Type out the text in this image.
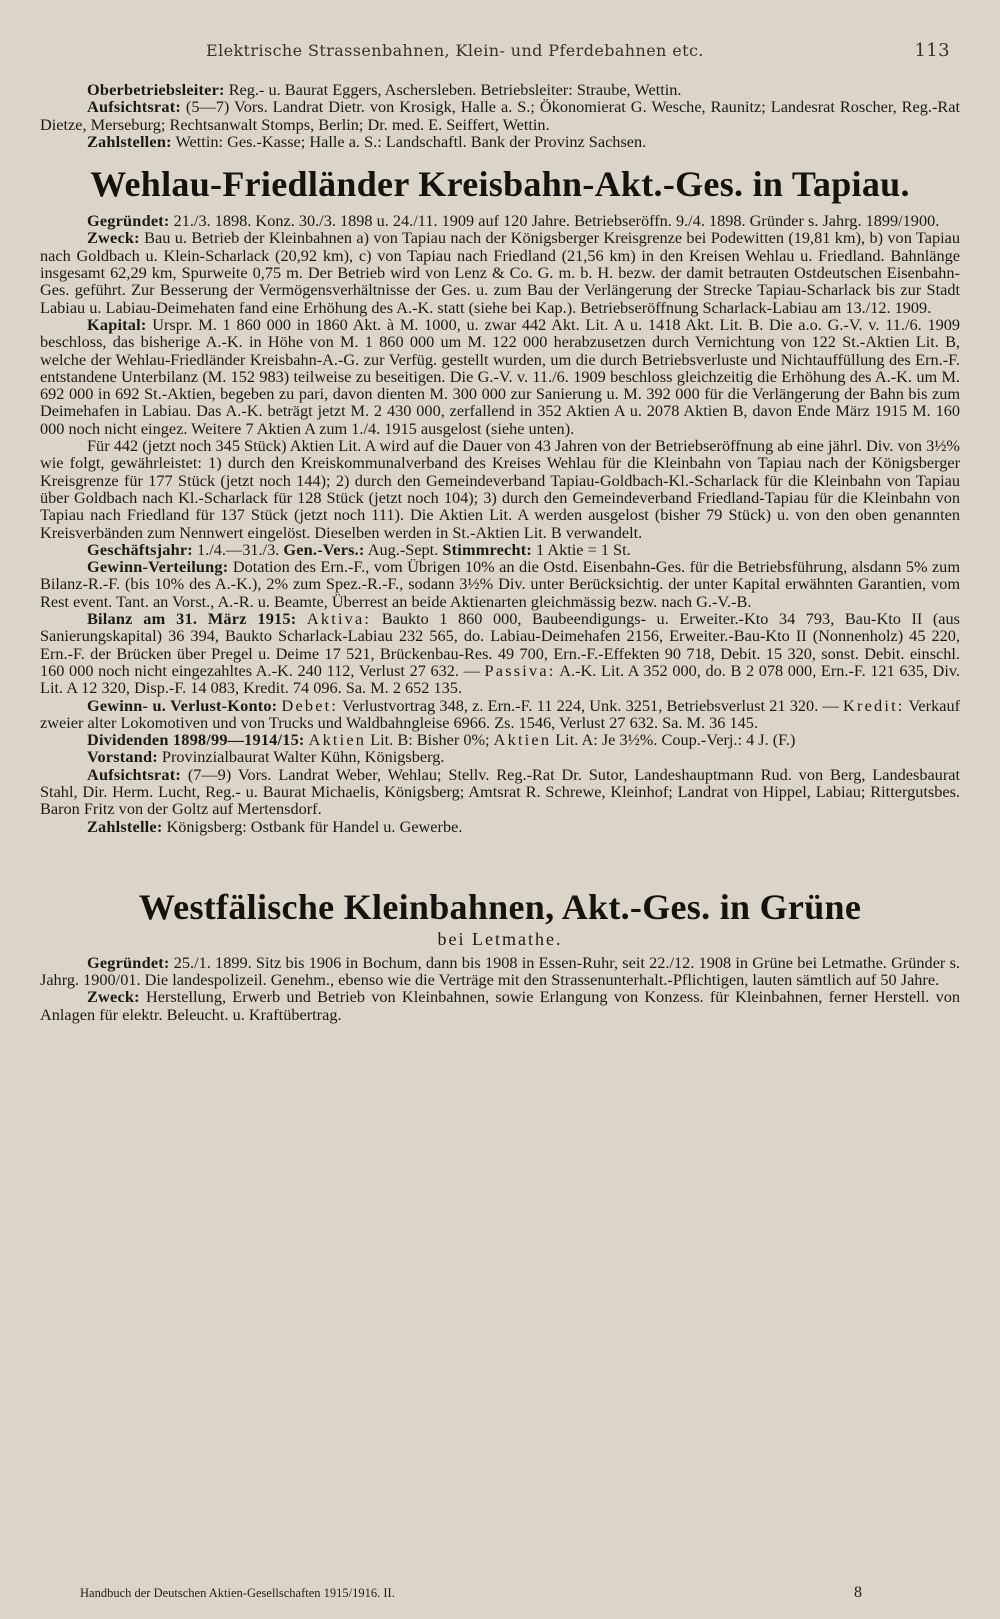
Elektrische Strassenbahnen, Klein- und Pferdebahnen etc.	113

Oberbetriebsleiter: Reg.- u. Baurat Eggers, Aschersleben. Betriebsleiter: Straube, Wettin.

Aufsichtsrat: (5—7) Vors. Landrat Dietr. von Krosigk, Halle a. S.; Ökonomierat G. Wesche, Raunitz; Landesrat Roscher, Reg.-Rat Dietze, Merseburg; Rechtsanwalt Stomps, Berlin; Dr. med. E. Seiffert, Wettin.

Zahlstellen: Wettin: Ges.-Kasse; Halle a. S.: Landschaftl. Bank der Provinz Sachsen.

Wehlau-Friedländer Kreisbahn-Akt.-Ges. in Tapiau.

Gegründet: 21./3. 1898. Konz. 30./3. 1898 u. 24./11. 1909 auf 120 Jahre. Betriebseröffn. 9./4. 1898. Gründer s. Jahrg. 1899/1900.

Zweck: Bau u. Betrieb der Kleinbahnen a) von Tapiau nach der Königsberger Kreisgrenze bei Podewitten (19,81 km), b) von Tapiau nach Goldbach u. Klein-Scharlack (20,92 km), c) von Tapiau nach Friedland (21,56 km) in den Kreisen Wehlau u. Friedland. Bahnlänge insgesamt 62,29 km, Spurweite 0,75 m. Der Betrieb wird von Lenz & Co. G. m. b. H. bezw. der damit betrauten Ostdeutschen Eisenbahn-Ges. geführt. Zur Besserung der Vermögensverhältnisse der Ges. u. zum Bau der Verlängerung der Strecke Tapiau-Scharlack bis zur Stadt Labiau u. Labiau-Deimehaten fand eine Erhöhung des A.-K. statt (siehe bei Kap.). Betriebseröffnung Scharlack-Labiau am 13./12. 1909.

Kapital: Urspr. M. 1 860 000 in 1860 Akt. à M. 1000, u. zwar 442 Akt. Lit. A u. 1418 Akt. Lit. B. Die a.o. G.-V. v. 11./6. 1909 beschloss, das bisherige A.-K. in Höhe von M. 1 860 000 um M. 122 000 herabzusetzen durch Vernichtung von 122 St.-Aktien Lit. B, welche der Wehlau-Friedländer Kreisbahn-A.-G. zur Verfüg. gestellt wurden, um die durch Betriebsverluste und Nichtauffüllung des Ern.-F. entstandene Unterbilanz (M. 152 983) teilweise zu beseitigen. Die G.-V. v. 11./6. 1909 beschloss gleichzeitig die Erhöhung des A.-K. um M. 692 000 in 692 St.-Aktien, begeben zu pari, davon dienten M. 300 000 zur Sanierung u. M. 392 000 für die Verlängerung der Bahn bis zum Deimehafen in Labiau. Das A.-K. beträgt jetzt M. 2 430 000, zerfallend in 352 Aktien A u. 2078 Aktien B, davon Ende März 1915 M. 160 000 noch nicht eingez. Weitere 7 Aktien A zum 1./4. 1915 ausgelost (siehe unten).

Für 442 (jetzt noch 345 Stück) Aktien Lit. A wird auf die Dauer von 43 Jahren von der Betriebseröffnung ab eine jährl. Div. von 3½% wie folgt, gewährleistet: 1) durch den Kreiskommunalverband des Kreises Wehlau für die Kleinbahn von Tapiau nach der Königsberger Kreisgrenze für 177 Stück (jetzt noch 144); 2) durch den Gemeindeverband Tapiau-Goldbach-Kl.-Scharlack für die Kleinbahn von Tapiau über Goldbach nach Kl.-Scharlack für 128 Stück (jetzt noch 104); 3) durch den Gemeindeverband Friedland-Tapiau für die Kleinbahn von Tapiau nach Friedland für 137 Stück (jetzt noch 111). Die Aktien Lit. A werden ausgelost (bisher 79 Stück) u. von den oben genannten Kreisverbänden zum Nennwert eingelöst. Dieselben werden in St.-Aktien Lit. B verwandelt.

Geschäftsjahr: 1./4.—31./3. Gen.-Vers.: Aug.-Sept. Stimmrecht: 1 Aktie = 1 St.

Gewinn-Verteilung: Dotation des Ern.-F., vom Übrigen 10% an die Ostd. Eisenbahn-Ges. für die Betriebsführung, alsdann 5% zum Bilanz-R.-F. (bis 10% des A.-K.), 2% zum Spez.-R.-F., sodann 3½% Div. unter Berücksichtig. der unter Kapital erwähnten Garantien, vom Rest event. Tant. an Vorst., A.-R. u. Beamte, Überrest an beide Aktienarten gleichmässig bezw. nach G.-V.-B.

Bilanz am 31. März 1915: Aktiva: Baukto 1 860 000, Baubeendigungs- u. Erweiter.-Kto 34 793, Bau-Kto II (aus Sanierungskapital) 36 394, Baukto Scharlack-Labiau 232 565, do. Labiau-Deimehafen 2156, Erweiter.-Bau-Kto II (Nonnenholz) 45 220, Ern.-F. der Brücken über Pregel u. Deime 17 521, Brückenbau-Res. 49 700, Ern.-F.-Effekten 90 718, Debit. 15 320, sonst. Debit. einschl. 160 000 noch nicht eingezahltes A.-K. 240 112, Verlust 27 632. — Passiva: A.-K. Lit. A 352 000, do. B 2 078 000, Ern.-F. 121 635, Div. Lit. A 12 320, Disp.-F. 14 083, Kredit. 74 096. Sa. M. 2 652 135.

Gewinn- u. Verlust-Konto: Debet: Verlustvortrag 348, z. Ern.-F. 11 224, Unk. 3251, Betriebsverlust 21 320. — Kredit: Verkauf zweier alter Lokomotiven und von Trucks und Waldbahngleise 6966. Zs. 1546, Verlust 27 632. Sa. M. 36 145.

Dividenden 1898/99—1914/15: Aktien Lit. B: Bisher 0%; Aktien Lit. A: Je 3½%. Coup.-Verj.: 4 J. (F.)

Vorstand: Provinzialbaurat Walter Kühn, Königsberg.

Aufsichtsrat: (7—9) Vors. Landrat Weber, Wehlau; Stellv. Reg.-Rat Dr. Sutor, Landeshauptmann Rud. von Berg, Landesbaurat Stahl, Dir. Herm. Lucht, Reg.- u. Baurat Michaelis, Königsberg; Amtsrat R. Schrewe, Kleinhof; Landrat von Hippel, Labiau; Rittergutsbes. Baron Fritz von der Goltz auf Mertensdorf.

Zahlstelle: Königsberg: Ostbank für Handel u. Gewerbe.

Westfälische Kleinbahnen, Akt.-Ges. in Grüne
bei Letmathe.

Gegründet: 25./1. 1899. Sitz bis 1906 in Bochum, dann bis 1908 in Essen-Ruhr, seit 22./12. 1908 in Grüne bei Letmathe. Gründer s. Jahrg. 1900/01. Die landespolizeil. Genehm., ebenso wie die Verträge mit den Strassenunterhalt.-Pflichtigen, lauten sämtlich auf 50 Jahre.

Zweck: Herstellung, Erwerb und Betrieb von Kleinbahnen, sowie Erlangung von Konzess. für Kleinbahnen, ferner Herstell. von Anlagen für elektr. Beleucht. u. Kraftübertrag.

Handbuch der Deutschen Aktien-Gesellschaften 1915/1916. II.	8
